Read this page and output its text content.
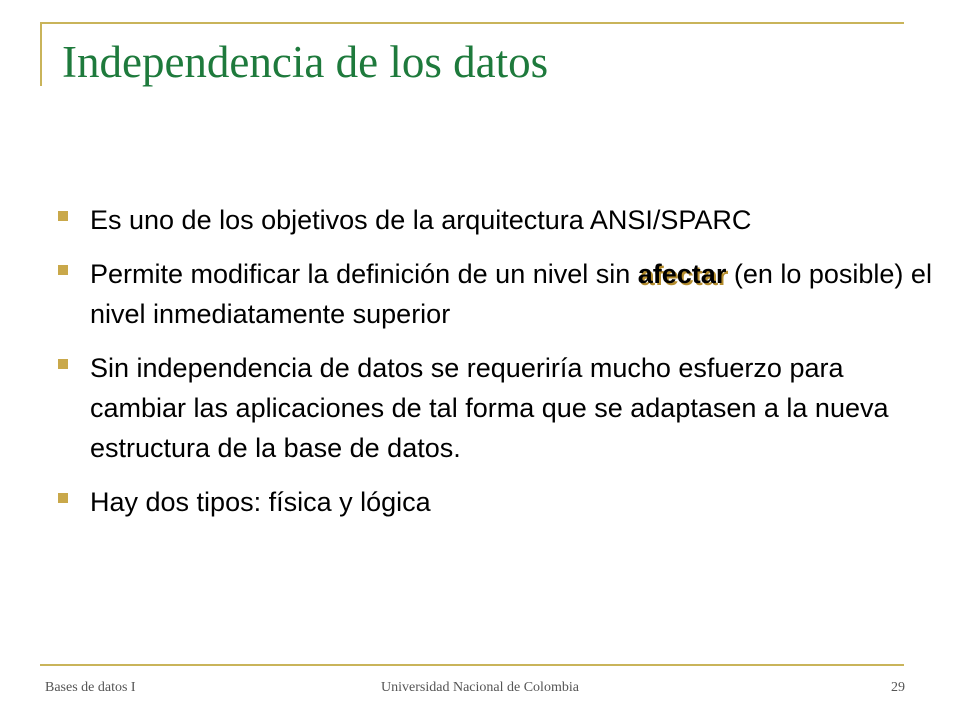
Independencia de los datos
Es uno de los objetivos de la arquitectura ANSI/SPARC
Permite modificar la definición de un nivel sin afectar (en lo posible) el nivel inmediatamente superior
Sin independencia de datos se requeriría mucho esfuerzo para cambiar las aplicaciones de tal forma que se adaptasen a la nueva estructura de la base de datos.
Hay dos tipos: física y lógica
Bases de datos I	Universidad Nacional de Colombia	29
